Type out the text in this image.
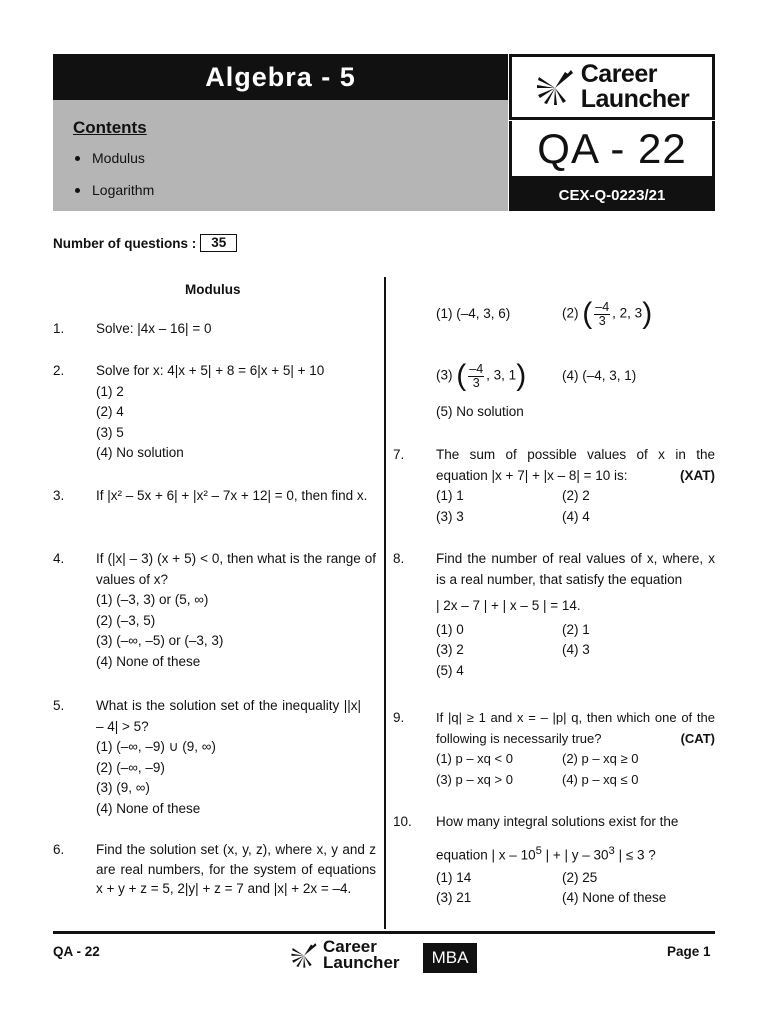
Algebra - 5
Contents
Modulus
Logarithm
Career
Launcher
QA - 22
CEX-Q-0223/21
Number of questions :	35
Modulus
1. Solve: |4x – 16| = 0
2. Solve for x: 4|x + 5| + 8 = 6|x + 5| + 10
(1) 2
(2) 4
(3) 5
(4) No solution
3. If |x² – 5x + 6| + |x² – 7x + 12| = 0, then find x.
4. If (|x| – 3) (x + 5) < 0, then what is the range of values of x?
(1) (–3, 3) or (5, ∞)
(2) (–3, 5)
(3) (–∞, –5) or (–3, 3)
(4) None of these
5. What is the solution set of the inequality ||x| – 4| > 5?
(1) (–∞, –9) ∪ (9, ∞)
(2) (–∞, –9)
(3) (9, ∞)
(4) None of these
6. Find the solution set (x, y, z), where x, y and z are real numbers, for the system of equations x + y + z = 5, 2|y| + z = 7 and |x| + 2x = –4.
(1) (–4, 3, 6)	(2) ( $\frac{-4}{3}$ , 2, 3)
(3) ( $\frac{-4}{3}$ , 3, 1)	(4) (–4, 3, 1)
(5) No solution
7. The sum of possible values of x in the equation |x + 7| + |x – 8| = 10 is:	(XAT)
(1) 1	(2) 2
(3) 3	(4) 4
8. Find the number of real values of x, where, x is a real number, that satisfy the equation
| 2x – 7 | + | x – 5 | = 14.
(1) 0	(2) 1
(3) 2	(4) 3
(5) 4
9. If |q| ≥ 1 and x = – |p| q, then which one of the following is necessarily true?	(CAT)
(1) p – xq < 0	(2) p – xq ≥ 0
(3) p – xq > 0	(4) p – xq ≤ 0
10. How many integral solutions exist for the
equation | x – $10^5$ | + | y – $30^3$ | ≤ 3 ?
(1) 14	(2) 25
(3) 21	(4) None of these
QA - 22	Career
Launcher	MBA	Page 1
